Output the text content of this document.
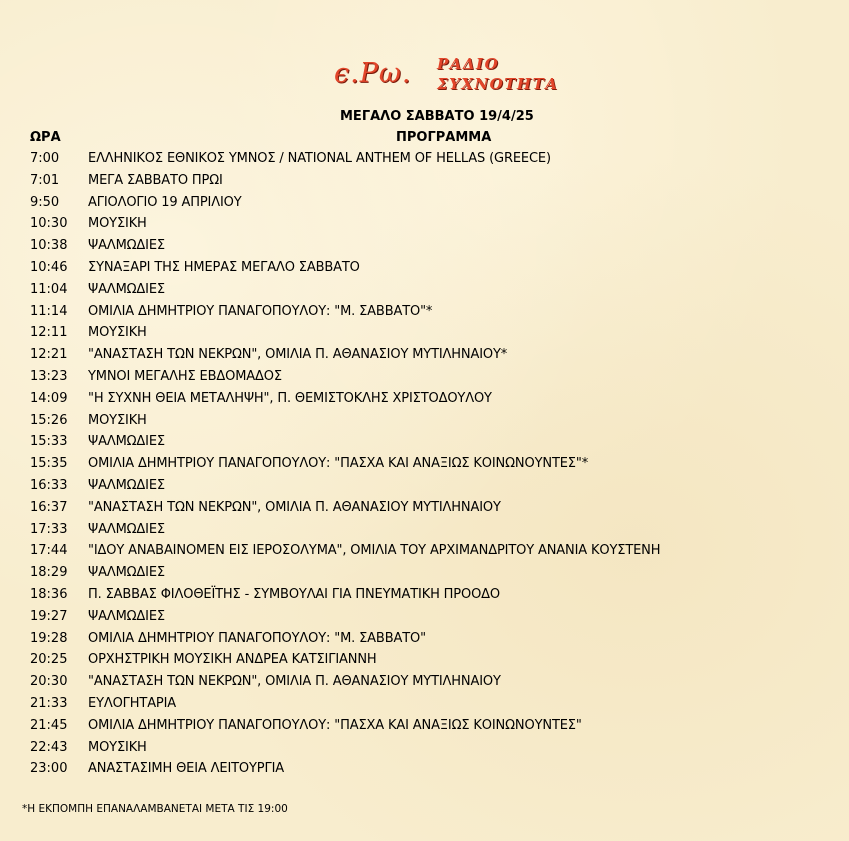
ϵ.Ρω. ΡΑΔΙΟ
ΣΥΧΝΟΤΗΤΑ
ΜΕΓΑΛΟ ΣΑΒΒΑΤΟ 19/4/25
ΩΡΑ	ΠΡΟΓΡΑΜΜΑ
7:00 ΕΛΛΗΝΙΚΟΣ ΕΘΝΙΚΟΣ ΥΜΝΟΣ / NATIONAL ANTHEM OF HELLAS (GREECE)
7:01 ΜΕΓΑ ΣΑΒΒΑΤΟ ΠΡΩΙ
9:50 ΑΓΙΟΛΟΓΙΟ 19 ΑΠΡΙΛΙΟΥ
10:30 ΜΟΥΣΙΚΗ
10:38 ΨΑΛΜΩΔΙΕΣ
10:46 ΣΥΝΑΞΑΡΙ ΤΗΣ ΗΜΕΡΑΣ ΜΕΓΑΛΟ ΣΑΒΒΑΤΟ
11:04 ΨΑΛΜΩΔΙΕΣ
11:14 ΟΜΙΛΙΑ ΔΗΜΗΤΡΙΟΥ ΠΑΝΑΓΟΠΟΥΛΟΥ: "Μ. ΣΑΒΒΑΤΟ"*
12:11 ΜΟΥΣΙΚΗ
12:21 "ΑΝΑΣΤΑΣΗ ΤΩΝ ΝΕΚΡΩΝ", ΟΜΙΛΙΑ Π. ΑΘΑΝΑΣΙΟΥ ΜΥΤΙΛΗΝΑΙΟΥ*
13:23 ΥΜΝΟΙ ΜΕΓΑΛΗΣ ΕΒΔΟΜΑΔΟΣ
14:09 "Η ΣΥΧΝΗ ΘΕΙΑ ΜΕΤΑΛΗΨΗ", Π. ΘΕΜΙΣΤΟΚΛΗΣ ΧΡΙΣΤΟΔΟΥΛΟΥ
15:26 ΜΟΥΣΙΚΗ
15:33 ΨΑΛΜΩΔΙΕΣ
15:35 ΟΜΙΛΙΑ ΔΗΜΗΤΡΙΟΥ ΠΑΝΑΓΟΠΟΥΛΟΥ: "ΠΑΣΧΑ ΚΑΙ ΑΝΑΞΙΩΣ ΚΟΙΝΩΝΟΥΝΤΕΣ"*
16:33 ΨΑΛΜΩΔΙΕΣ
16:37 "ΑΝΑΣΤΑΣΗ ΤΩΝ ΝΕΚΡΩΝ", ΟΜΙΛΙΑ Π. ΑΘΑΝΑΣΙΟΥ ΜΥΤΙΛΗΝΑΙΟΥ
17:33 ΨΑΛΜΩΔΙΕΣ
17:44 "ΙΔΟΥ ΑΝΑΒΑΙΝΟΜΕΝ ΕΙΣ ΙΕΡΟΣΟΛΥΜΑ", ΟΜΙΛΙΑ ΤΟΥ ΑΡΧΙΜΑΝΔΡΙΤΟΥ ΑΝΑΝΙΑ ΚΟΥΣΤΕΝΗ
18:29 ΨΑΛΜΩΔΙΕΣ
18:36 Π. ΣΑΒΒΑΣ ΦΙΛΟΘΕΪΤΗΣ - ΣΥΜΒΟΥΛΑΙ ΓΙΑ ΠΝΕΥΜΑΤΙΚΗ ΠΡΟΟΔΟ
19:27 ΨΑΛΜΩΔΙΕΣ
19:28 ΟΜΙΛΙΑ ΔΗΜΗΤΡΙΟΥ ΠΑΝΑΓΟΠΟΥΛΟΥ: "Μ. ΣΑΒΒΑΤΟ"
20:25 ΟΡΧΗΣΤΡΙΚΗ ΜΟΥΣΙΚΗ ΑΝΔΡΕΑ ΚΑΤΣΙΓΙΑΝΝΗ
20:30 "ΑΝΑΣΤΑΣΗ ΤΩΝ ΝΕΚΡΩΝ", ΟΜΙΛΙΑ Π. ΑΘΑΝΑΣΙΟΥ ΜΥΤΙΛΗΝΑΙΟΥ
21:33 ΕΥΛΟΓΗΤΑΡΙΑ
21:45 ΟΜΙΛΙΑ ΔΗΜΗΤΡΙΟΥ ΠΑΝΑΓΟΠΟΥΛΟΥ: "ΠΑΣΧΑ ΚΑΙ ΑΝΑΞΙΩΣ ΚΟΙΝΩΝΟΥΝΤΕΣ"
22:43 ΜΟΥΣΙΚΗ
23:00 ΑΝΑΣΤΑΣΙΜΗ ΘΕΙΑ ΛΕΙΤΟΥΡΓΙΑ
*Η ΕΚΠΟΜΠΗ ΕΠΑΝΑΛΑΜΒΑΝΕΤΑΙ ΜΕΤΑ ΤΙΣ 19:00
